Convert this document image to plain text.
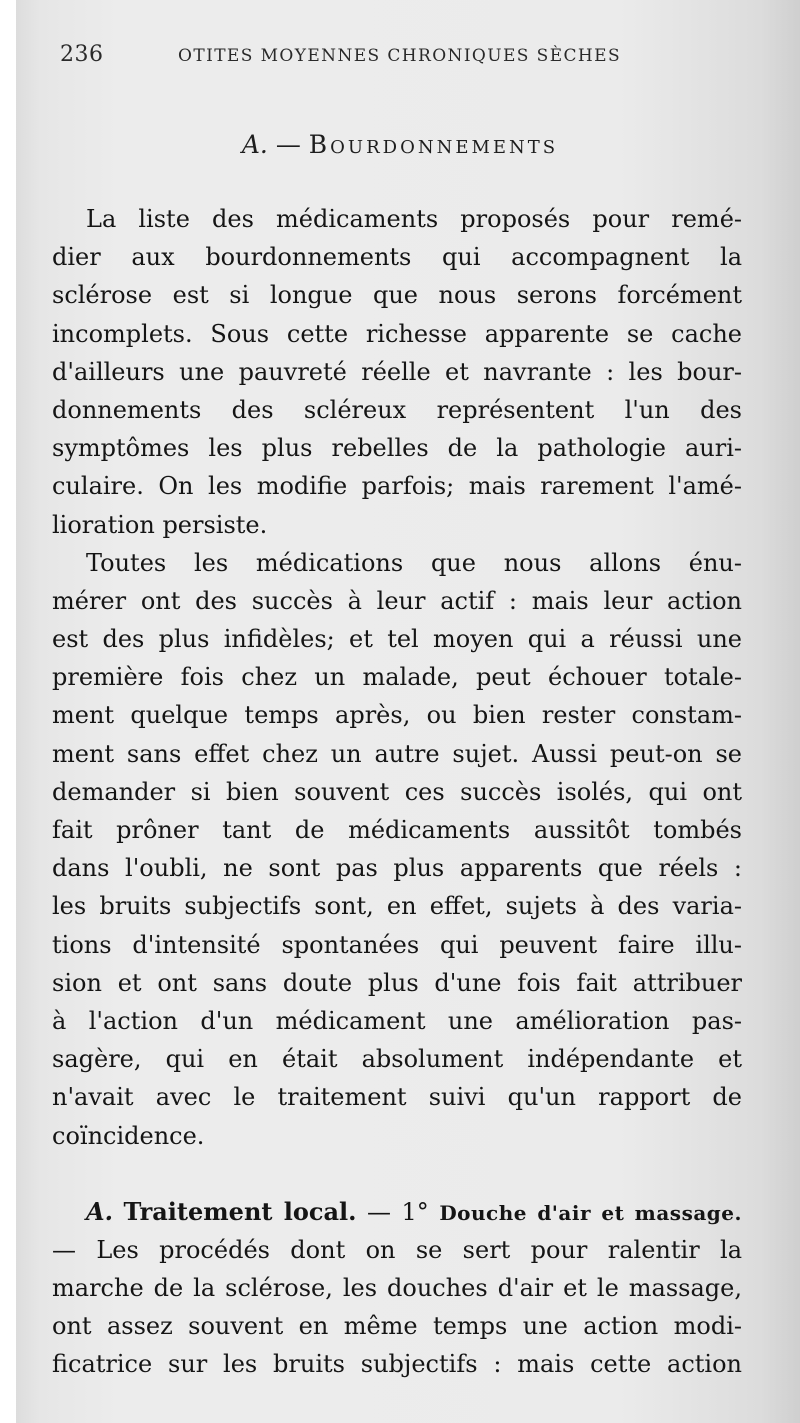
236	OTITES MOYENNES CHRONIQUES SÈCHES
A. — Bourdonnements
La liste des médicaments proposés pour remé-
dier aux bourdonnements qui accompagnent la
sclérose est si longue que nous serons forcément
incomplets. Sous cette richesse apparente se cache
d'ailleurs une pauvreté réelle et navrante : les bour-
donnements des scléreux représentent l'un des
symptômes les plus rebelles de la pathologie auri-
culaire. On les modifie parfois; mais rarement l'amé-
lioration persiste.
Toutes les médications que nous allons énu-
mérer ont des succès à leur actif : mais leur action
est des plus infidèles; et tel moyen qui a réussi une
première fois chez un malade, peut échouer totale-
ment quelque temps après, ou bien rester constam-
ment sans effet chez un autre sujet. Aussi peut-on se
demander si bien souvent ces succès isolés, qui ont
fait prôner tant de médicaments aussitôt tombés
dans l'oubli, ne sont pas plus apparents que réels :
les bruits subjectifs sont, en effet, sujets à des varia-
tions d'intensité spontanées qui peuvent faire illu-
sion et ont sans doute plus d'une fois fait attribuer
à l'action d'un médicament une amélioration pas-
sagère, qui en était absolument indépendante et
n'avait avec le traitement suivi qu'un rapport de
coïncidence.
A. Traitement local. — 1° Douche d'air et massage.
— Les procédés dont on se sert pour ralentir la
marche de la sclérose, les douches d'air et le massage,
ont assez souvent en même temps une action modi-
ficatrice sur les bruits subjectifs : mais cette action
